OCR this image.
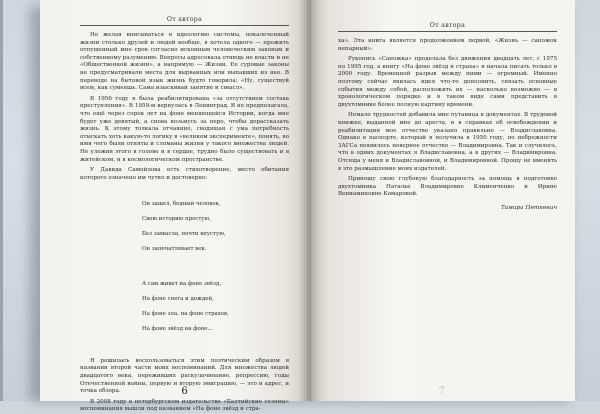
От автора

Не желая вписываться в идеологию системы, покалеченный жизни столько друзей и людей вообще, я хотела одного — прожить отпущенный мне срок согласно исконным человеческим законам и собственному разумению. Вопросы адресовала отнюдь не власти и не «Общественной жизни», а напрямую — Жизни. Ее суровые законы не предусматривали места для вырванных или выпавших из нее. В переводе на бытовой язык жизнь будто говорила: «Ну, существуй всем, как сумеешь. Сама изыскивай занятие и смысл».

В 1956 году я была реабилитирована «за отсутствием состава преступления». В 1959-м вернулась в Ленинград. Я не предполагала, что ещё через сорок лет на фоне меняющейся Истории, когда мне будет уже девятый, а снова возьмусь за перо, чтобы дорассказать жизнь. К этому толкала отчаянно, сводящая с ума потребность отыскать хоть какую-то логику в «великом эксперименте», понять, во имя чего были отняты и сломаны жизни у такого множества людей. Не уложив этого в голове и в сердце, трудно было существовать и в житейском, и в космологическом пространстве.

У Давида Самойлова есть стихотворение, место обитания которого означено им чутко и достоверно:

Он зашел, бедный человек,

Свою историю простую,

Без замысла, почти впустую,

Он запечатлевает век.

А сам живет на фоне звёзд,

На фоне снега и дождей,

На фоне зла, на фоне страхов,

На фоне звёзд на фоне...

Я решилась воспользоваться этим поэтическим образом в названии второй части моих воспоминаний. Для множества людей двадцатого века, переживших раскулачивание, репрессию, годы Отечественной войны, первую и вторую эмиграцию, — это и адрес, и точка обзора.

В 2008 году в петербургском издательстве «Балтийские сезоны» воспоминания вышли под названием «На фоне звёзд и стра-

6
От автора

ха». Эта книга является продолжением первой, «Жизнь — сапожок непарный».

Рукопись «Сапожка» проделала без движения двадцать лет, с 1975 по 1995 год, а книгу «На фоне звёзд и страха» я начала писать только в 2000 году. Временной разрыв между ними — огромный. Именно поэтому сейчас явилась идея что-то дополнить, связать основные события между собой, расположить их — насколько возможно — в хронологическом порядке и в таком виде сами представить в двухтомнике более полную картину времени.

Немало трудностей добавила мне путаница в документах. В трудовой книжке, выданной мне до ареста, и в справках об освобождении и реабилитации мое отчество указано правильно — Владиславовна. Однако в паспорте, который я получила в 1950 году, по небрежности ЗАГСа появилось неверное отчество — Владимировна. Так и случилось, что в одних документах я Владиславовна, а в других — Владимировна. Отсюда у меня и Владиславовной, и Владимировной. Прошу не вменять в это размышление моих издателей.

Приношу свою глубокую благодарность за помощь в подготовке двухтомника Наталье Владимировне Клименченко и Ирине Вениаминовне Комаровой.

Тамара Петкевич
7
